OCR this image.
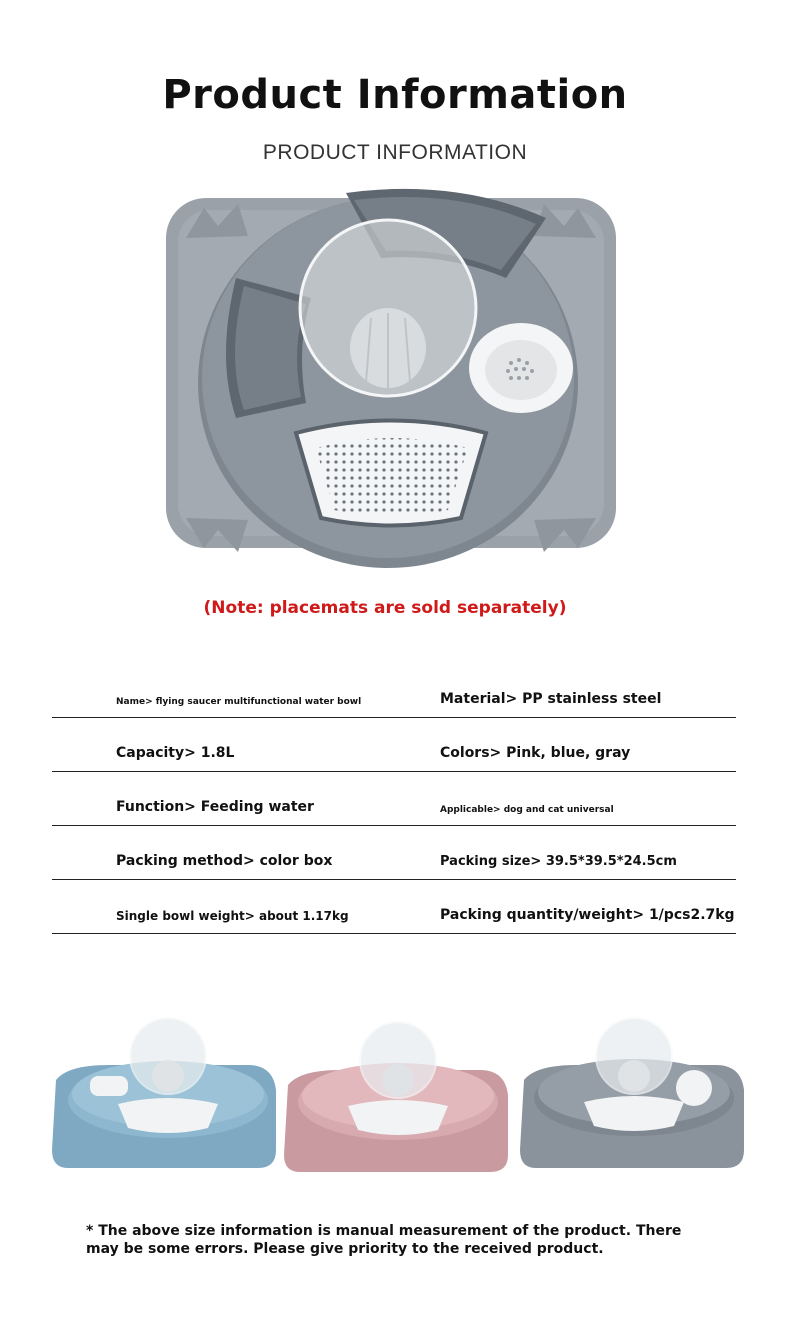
Product Information
PRODUCT INFORMATION
(Note: placemats are sold separately)
Name> flying saucer multifunctional water bowl	Material> PP stainless steel
Capacity> 1.8L	Colors> Pink, blue, gray
Function> Feeding water	Applicable> dog and cat universal
Packing method> color box	Packing size> 39.5*39.5*24.5cm
Single bowl weight> about 1.17kg	Packing quantity/weight> 1/pcs2.7kg
* The above size information is manual measurement of the product. There may be some errors. Please give priority to the received product.
